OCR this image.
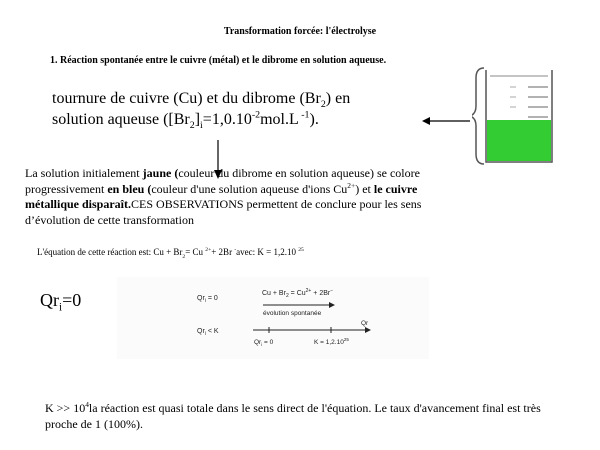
Transformation forcée: l'électrolyse
1. Réaction spontanée entre le cuivre (métal) et le dibrome en solution aqueuse.
tournure de cuivre (Cu) et du dibrome $(Br_2)$ en
solution aqueuse ($[Br_2]_i=1,0.10^{-2}mol.L$ $^{-1}$).
La solution initialement jaune (couleur du dibrome en solution aqueuse) se colore progressivement en bleu (couleur d'une solution aqueuse d'ions $Cu^{2+}$) et le cuivre métallique disparaît.CES OBSERVATIONS permettent de conclure pour les sens d’évolution de cette transformation
L'équation de cette réaction est: $Cu + Br_2= Cu$ $^{2+}$+ 2Br -avec: K = 1,2.10 $^{25}$
$Qr_i=0$	$Qr_i = 0$
$Cu + Br_2 = Cu^{2+} + 2Br^-$
évolution spontanée
$Qr_i < K$
Qr
$Qr_i = 0$	$K = 1,2.10^{25}$
$K >> 10^4la$ réaction est quasi totale dans le sens direct de l'équation. Le taux d'avancement final est très proche de 1 (100%).
